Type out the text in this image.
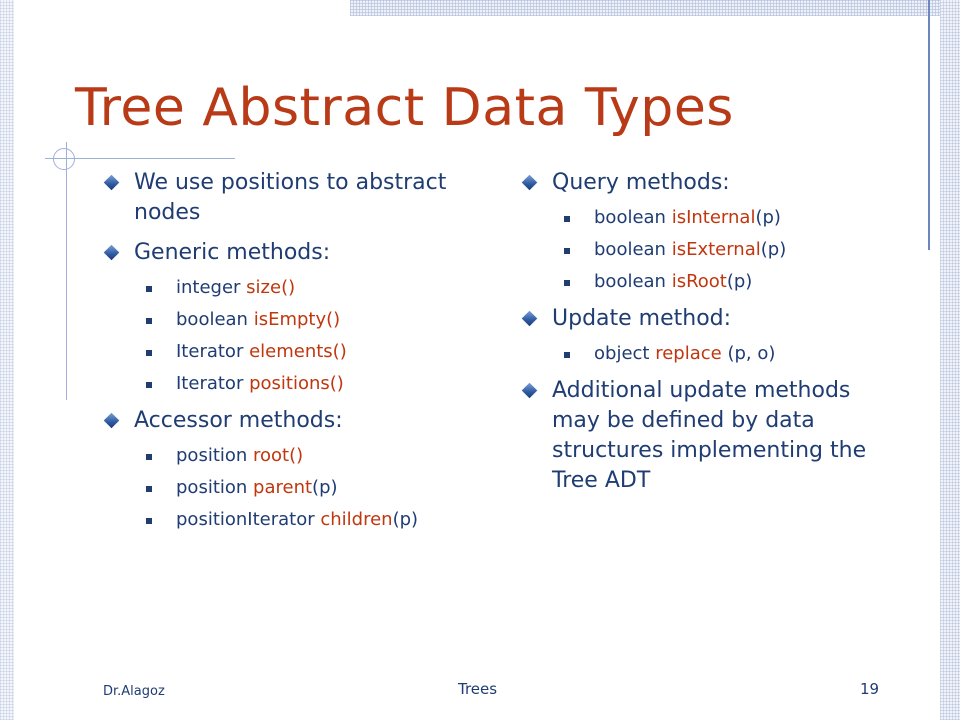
Tree Abstract Data Types
We use positions to abstract nodes
Generic methods:
integer size()
boolean isEmpty()
Iterator elements()
Iterator positions()
Accessor methods:
position root()
position parent(p)
positionIterator children(p)
Query methods:
boolean isInternal(p)
boolean isExternal(p)
boolean isRoot(p)
Update method:
object replace (p, o)
Additional update methods may be defined by data structures implementing the Tree ADT
Dr.Alagoz	Trees	19
